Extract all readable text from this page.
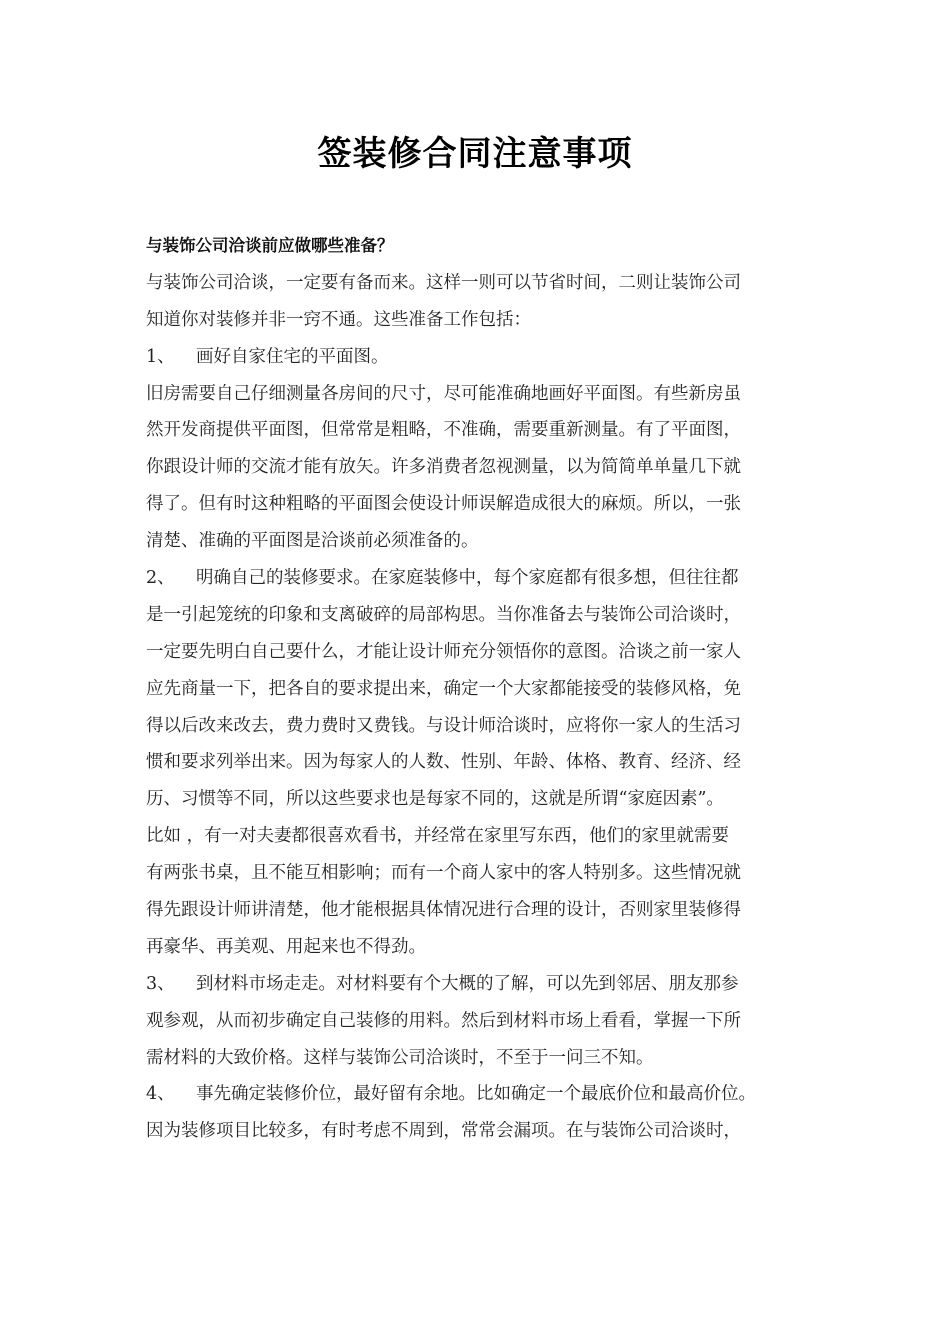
签装修合同注意事项
与装饰公司洽谈前应做哪些准备？
与装饰公司洽谈，一定要有备而来。这样一则可以节省时间，二则让装饰公司
知道你对装修并非一窍不通。这些准备工作包括：
1、 画好自家住宅的平面图。
旧房需要自己仔细测量各房间的尺寸，尽可能准确地画好平面图。有些新房虽
然开发商提供平面图，但常常是粗略，不准确，需要重新测量。有了平面图，
你跟设计师的交流才能有放矢。许多消费者忽视测量，以为简简单单量几下就
得了。但有时这种粗略的平面图会使设计师误解造成很大的麻烦。所以，一张
清楚、准确的平面图是洽谈前必须准备的。
2、 明确自己的装修要求。在家庭装修中，每个家庭都有很多想，但往往都
是一引起笼统的印象和支离破碎的局部构思。当你准备去与装饰公司洽谈时，
一定要先明白自己要什么，才能让设计师充分领悟你的意图。洽谈之前一家人
应先商量一下，把各自的要求提出来，确定一个大家都能接受的装修风格，免
得以后改来改去，费力费时又费钱。与设计师洽谈时，应将你一家人的生活习
惯和要求列举出来。因为每家人的人数、性别、年龄、体格、教育、经济、经
历、习惯等不同，所以这些要求也是每家不同的，这就是所谓“家庭因素”。
比如 ，有一对夫妻都很喜欢看书，并经常在家里写东西，他们的家里就需要
有两张书桌，且不能互相影响；而有一个商人家中的客人特别多。这些情况就
得先跟设计师讲清楚，他才能根据具体情况进行合理的设计，否则家里装修得
再豪华、再美观、用起来也不得劲。
3、 到材料市场走走。对材料要有个大概的了解，可以先到邻居、朋友那参
观参观，从而初步确定自己装修的用料。然后到材料市场上看看，掌握一下所
需材料的大致价格。这样与装饰公司洽谈时，不至于一问三不知。
4、 事先确定装修价位，最好留有余地。比如确定一个最底价位和最高价位。
因为装修项目比较多，有时考虑不周到，常常会漏项。在与装饰公司洽谈时，
